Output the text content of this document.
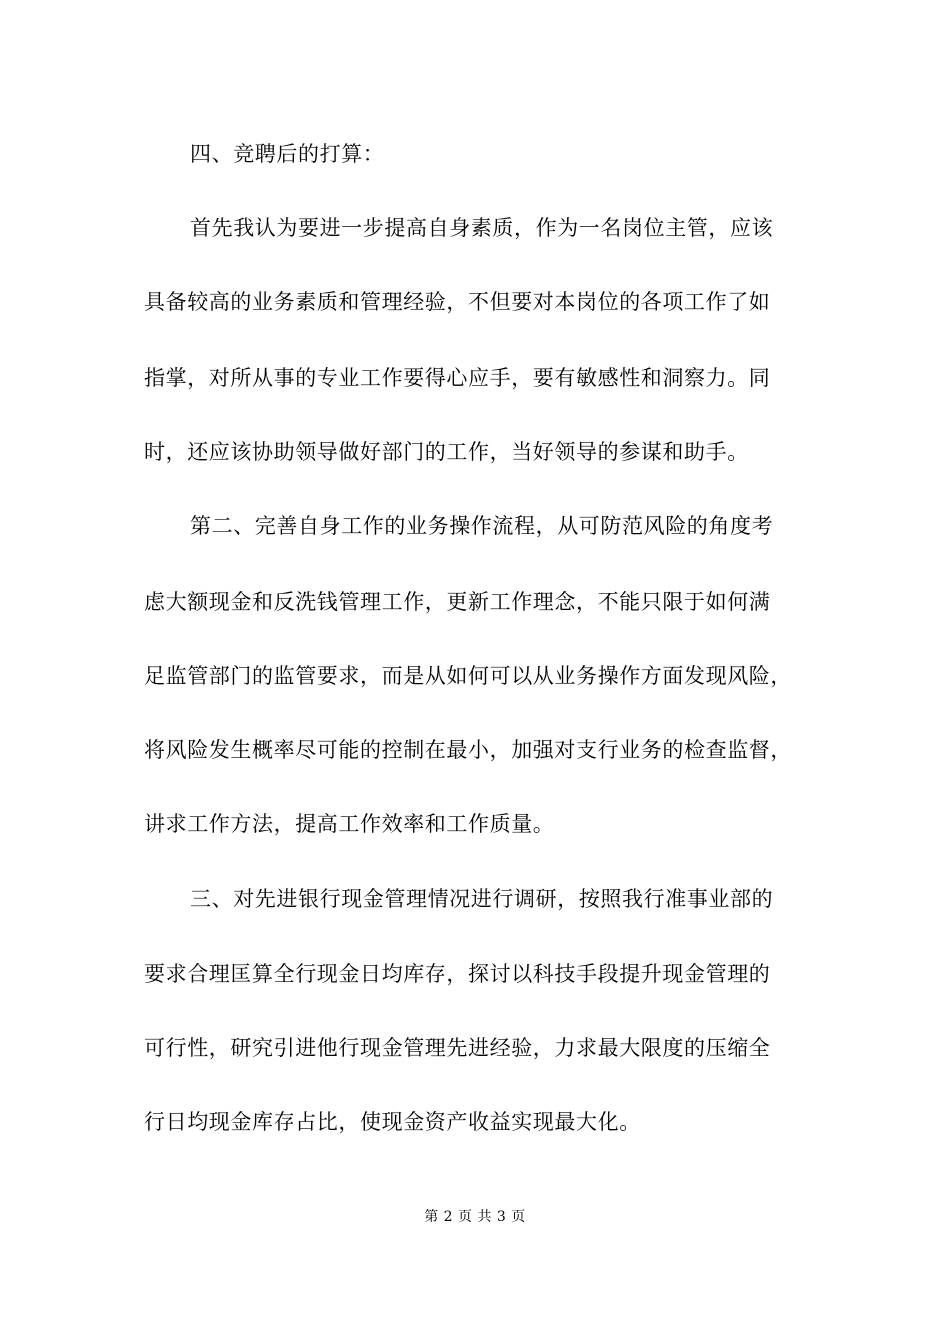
四、竞聘后的打算：
首先我认为要进一步提高自身素质，作为一名岗位主管，应该
具备较高的业务素质和管理经验，不但要对本岗位的各项工作了如
指掌，对所从事的专业工作要得心应手，要有敏感性和洞察力。同
时，还应该协助领导做好部门的工作，当好领导的参谋和助手。
第二、完善自身工作的业务操作流程，从可防范风险的角度考
虑大额现金和反洗钱管理工作，更新工作理念，不能只限于如何满
足监管部门的监管要求，而是从如何可以从业务操作方面发现风险，
将风险发生概率尽可能的控制在最小，加强对支行业务的检查监督，
讲求工作方法，提高工作效率和工作质量。
三、对先进银行现金管理情况进行调研，按照我行准事业部的
要求合理匡算全行现金日均库存，探讨以科技手段提升现金管理的
可行性，研究引进他行现金管理先进经验，力求最大限度的压缩全
行日均现金库存占比，使现金资产收益实现最大化。
第 2 页 共 3 页
